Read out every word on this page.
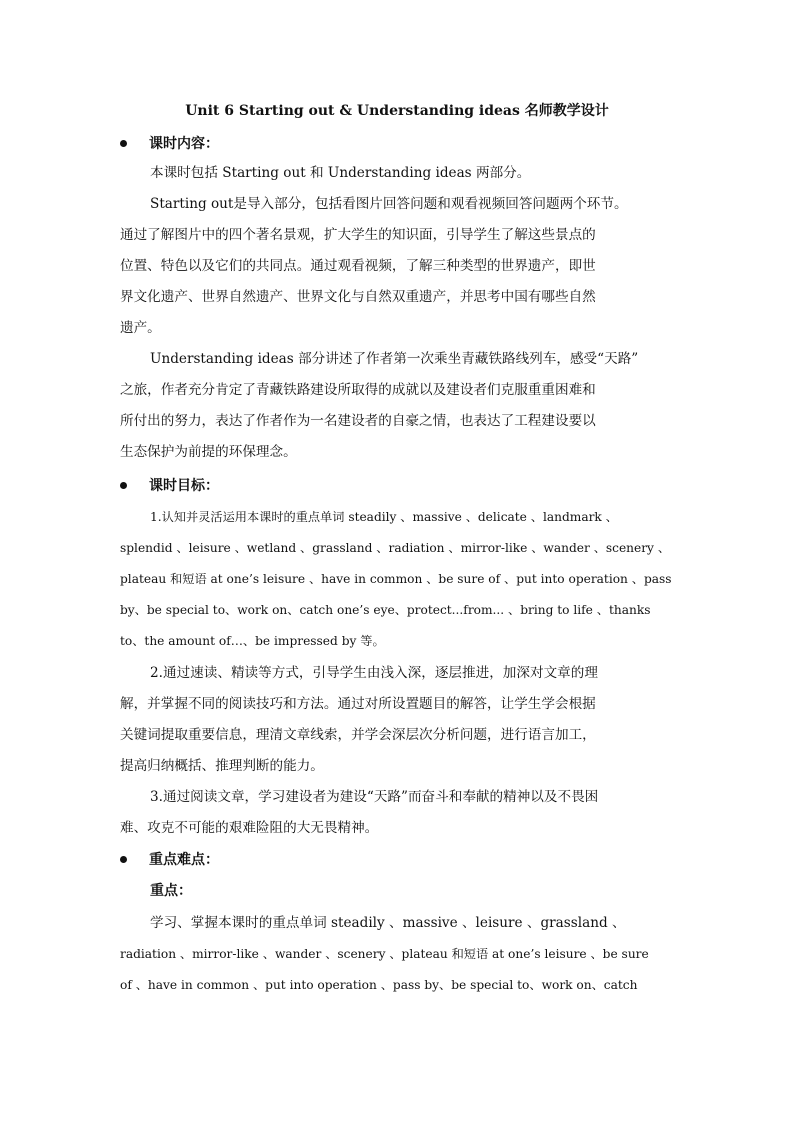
Unit 6 Starting out & Understanding ideas 名师教学设计
课时内容：
本课时包括 Starting out 和 Understanding ideas 两部分。
Starting out是导入部分，包括看图片回答问题和观看视频回答问题两个环节。
通过了解图片中的四个著名景观，扩大学生的知识面，引导学生了解这些景点的
位置、特色以及它们的共同点。通过观看视频，了解三种类型的世界遗产，即世
界文化遗产、世界自然遗产、世界文化与自然双重遗产，并思考中国有哪些自然
遗产。
Understanding ideas 部分讲述了作者第一次乘坐青藏铁路线列车，感受“天路”
之旅，作者充分肯定了青藏铁路建设所取得的成就以及建设者们克服重重困难和
所付出的努力，表达了作者作为一名建设者的自豪之情，也表达了工程建设要以
生态保护为前提的环保理念。
课时目标：
1.认知并灵活运用本课时的重点单词 steadily 、massive 、delicate 、landmark 、
splendid 、leisure 、wetland 、grassland 、radiation 、mirror-like 、wander 、scenery 、
plateau 和短语 at one’s leisure 、have in common 、be sure of 、put into operation 、pass
by、be special to、work on、catch one’s eye、protect...from... 、bring to life 、thanks
to、the amount of…、be impressed by 等。
2.通过速读、精读等方式，引导学生由浅入深，逐层推进，加深对文章的理
解，并掌握不同的阅读技巧和方法。通过对所设置题目的解答，让学生学会根据
关键词提取重要信息，理清文章线索，并学会深层次分析问题，进行语言加工，
提高归纳概括、推理判断的能力。
3.通过阅读文章，学习建设者为建设“天路”而奋斗和奉献的精神以及不畏困
难、攻克不可能的艰难险阻的大无畏精神。
重点难点：
重点：
学习、掌握本课时的重点单词 steadily 、massive 、leisure 、grassland 、
radiation 、mirror-like 、wander 、scenery 、plateau 和短语 at one’s leisure 、be sure
of 、have in common 、put into operation 、pass by、be special to、work on、catch
